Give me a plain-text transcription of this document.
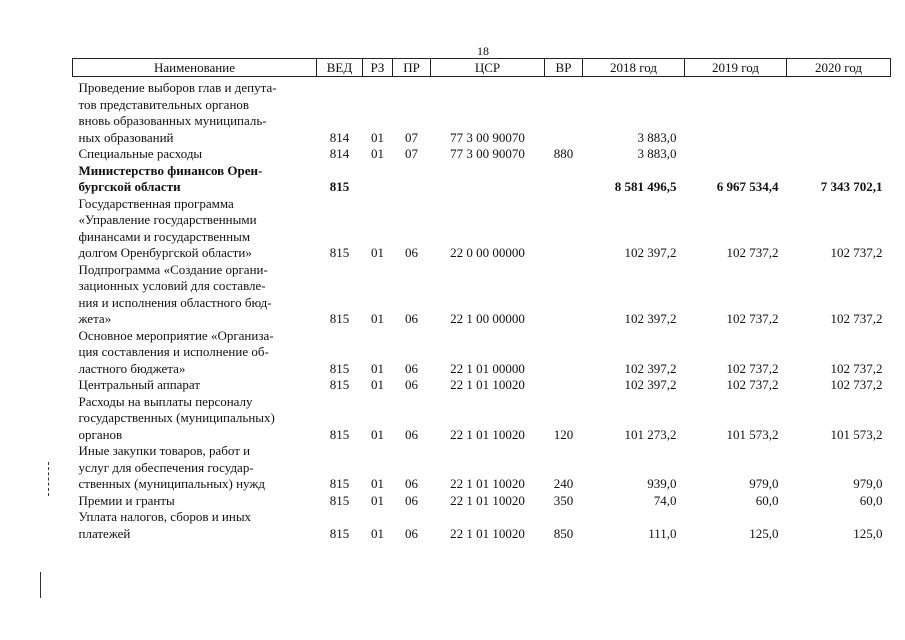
18
Наименование	ВЕД	РЗ	ПР	ЦСР	ВР	2018 год	2019 год	2020 год
Проведение выборов глав и депута-
тов представительных органов
вновь образованных муниципаль-
ных образований	814	01	07	77 3 00 90070		3 883,0		
Специальные расходы	814	01	07	77 3 00 90070	880	3 883,0		
Министерство финансов Орен-
бургской области	815					8 581 496,5	6 967 534,4	7 343 702,1
Государственная программа
«Управление государственными
финансами и государственным
долгом Оренбургской области»	815	01	06	22 0 00 00000		102 397,2	102 737,2	102 737,2
Подпрограмма «Создание органи-
зационных условий для составле-
ния и исполнения областного бюд-
жета»	815	01	06	22 1 00 00000		102 397,2	102 737,2	102 737,2
Основное мероприятие «Организа-
ция составления и исполнение об-
ластного бюджета»	815	01	06	22 1 01 00000		102 397,2	102 737,2	102 737,2
Центральный аппарат	815	01	06	22 1 01 10020		102 397,2	102 737,2	102 737,2
Расходы на выплаты персоналу
государственных (муниципальных)
органов	815	01	06	22 1 01 10020	120	101 273,2	101 573,2	101 573,2
Иные закупки товаров, работ и
услуг для обеспечения государ-
ственных (муниципальных) нужд	815	01	06	22 1 01 10020	240	939,0	979,0	979,0
Премии и гранты	815	01	06	22 1 01 10020	350	74,0	60,0	60,0
Уплата налогов, сборов и иных
платежей	815	01	06	22 1 01 10020	850	111,0	125,0	125,0
